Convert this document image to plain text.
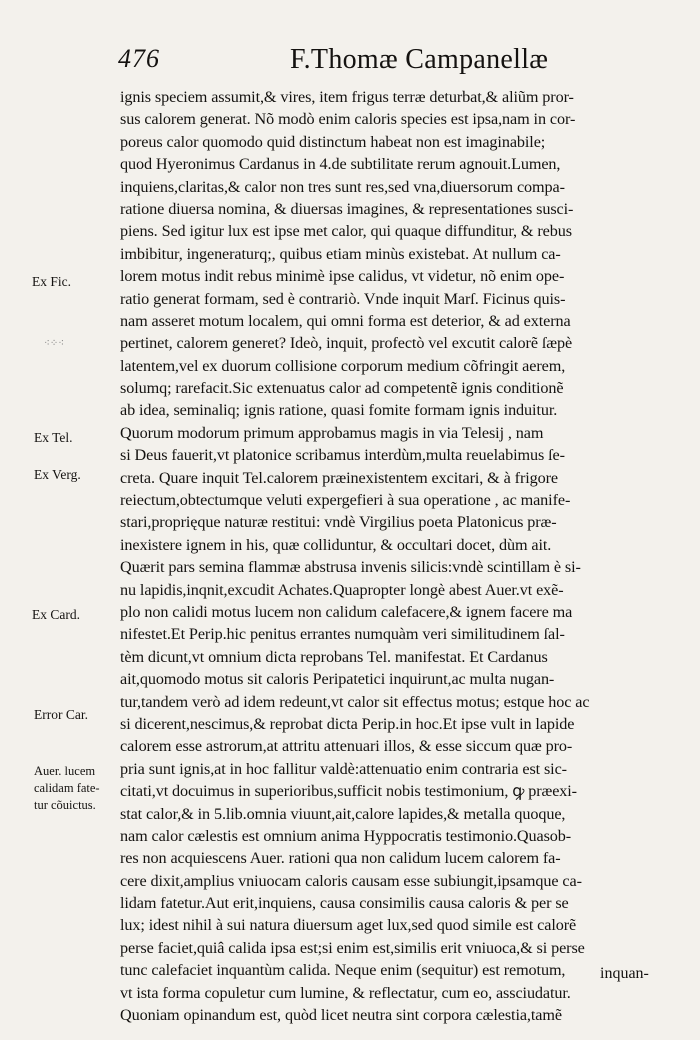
476	F.Thomæ Campanellæ
ignis speciem assumit,& vires, item frigus terræ deturbat,& aliũm pror-
sus calorem generat. Nõ modò enim caloris species est ipsa,nam in cor-
poreus calor quomodo quid distinctum habeat non est imaginabile;
quod Hyeronimus Cardanus in 4.de subtilitate rerum agnouit.Lumen,
inquiens,claritas,& calor non tres sunt res,sed vna,diuersorum compa-
ratione diuersa nomina, & diuersas imagines, & representationes susci-
piens. Sed igitur lux est ipse met calor, qui quaque diffunditur, & rebus
imbibitur, ingeneraturq;, quibus etiam minùs existebat. At nullum ca-
lorem motus indit rebus minimè ipse calidus, vt videtur, nõ enim ope-
ratio generat formam, sed è contrariò. Vnde inquit Marſ. Ficinus quis-
nam asseret motum localem, qui omni forma est deterior, & ad externa
pertinet, calorem generet? Ideò, inquit, profectò vel excutit calorẽ ſæpè
latentem,vel ex duorum collisione corporum medium cõfringit aerem,
solumq; rarefacit.Sic extenuatus calor ad competentẽ ignis conditionẽ
ab idea, seminaliq; ignis ratione, quasi fomite formam ignis induitur.
Quorum modorum primum approbamus magis in via Telesij , nam
si Deus fauerit,vt platonice scribamus interdùm,multa reuelabimus ſe-
creta. Quare inquit Tel.calorem præinexistentem excitari, & à frigore
reiectum,obtectumque veluti expergefieri à sua operatione , ac manife-
stari,proprięque naturæ restitui: vndè Virgilius poeta Platonicus præ-
inexistere ignem in his, quæ colliduntur, & occultari docet, dùm ait.
Quærit pars semina flammæ abstrusa invenis silicis:vndè scintillam è si-
nu lapidis,inqnit,excudit Achates.Quapropter longè abest Auer.vt exẽ-
plo non calidi motus lucem non calidum calefacere,& ignem facere ma
nifestet.Et Perip.hic penitus errantes numquàm veri similitudinem ſal-
tèm dicunt,vt omnium dicta reprobans Tel. manifestat. Et Cardanus
ait,quomodo motus sit caloris Peripatetici inquirunt,ac multa nugan-
tur,tandem verò ad idem redeunt,vt calor sit effectus motus; estque hoc ac
si dicerent,nescimus,& reprobat dicta Perip.in hoc.Et ipse vult in lapide
calorem esse astrorum,at attritu attenuari illos, & esse siccum quæ pro-
pria sunt ignis,at in hoc fallitur valdè:attenuatio enim contraria est sic-
citati,vt docuimus in superioribus,sufficit nobis testimonium, ꝙ præexi-
stat calor,& in 5.lib.omnia viuunt,ait,calore lapides,& metalla quoque,
nam calor cælestis est omnium anima Hyppocratis testimonio.Quasob-
res non acquiescens Auer. rationi qua non calidum lucem calorem fa-
cere dixit,amplius vniuocam caloris causam esse subiungit,ipsamque ca-
lidam fatetur.Aut erit,inquiens, causa consimilis causa caloris & per se
lux; idest nihil à sui natura diuersum aget lux,sed quod simile est calorẽ
perse faciet,quiâ calida ipsa est;si enim est,similis erit vniuoca,& si perse
tunc calefaciet inquantùm calida. Neque enim (sequitur) est remotum,
vt ista forma copuletur cum lumine, & reflectatur, cum eo, assciudatur.
Quoniam opinandum est, quòd licet neutra sint corpora cælestia,tamẽ
Ex Fic.
⁖⁘⁖
Ex Tel.
Ex Verg.
Ex Card.
Error Car.
Auer. lucem
calidam fate-
tur cõuictus.
inquan-
